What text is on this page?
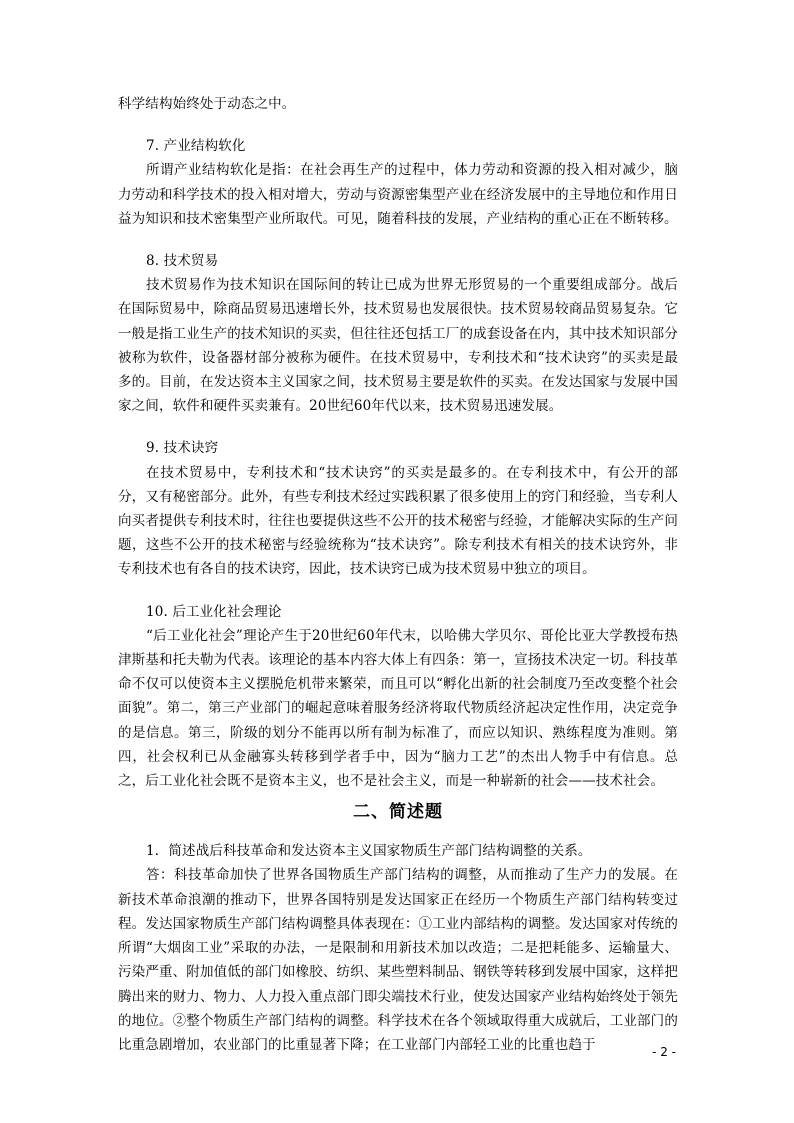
科学结构始终处于动态之中。

7. 产业结构软化

所谓产业结构软化是指：在社会再生产的过程中，体力劳动和资源的投入相对减少，脑力劳动和科学技术的投入相对增大，劳动与资源密集型产业在经济发展中的主导地位和作用日益为知识和技术密集型产业所取代。可见，随着科技的发展，产业结构的重心正在不断转移。

8. 技术贸易

技术贸易作为技术知识在国际间的转让已成为世界无形贸易的一个重要组成部分。战后在国际贸易中，除商品贸易迅速增长外，技术贸易也发展很快。技术贸易较商品贸易复杂。它一般是指工业生产的技术知识的买卖，但往往还包括工厂的成套设备在内，其中技术知识部分被称为软件，设备器材部分被称为硬件。在技术贸易中，专利技术和“技术诀窍”的买卖是最多的。目前，在发达资本主义国家之间，技术贸易主要是软件的买卖。在发达国家与发展中国家之间，软件和硬件买卖兼有。20世纪60年代以来，技术贸易迅速发展。

9. 技术诀窍

在技术贸易中，专利技术和“技术诀窍”的买卖是最多的。在专利技术中，有公开的部分，又有秘密部分。此外，有些专利技术经过实践积累了很多使用上的窍门和经验，当专利人向买者提供专利技术时，往往也要提供这些不公开的技术秘密与经验，才能解决实际的生产问题，这些不公开的技术秘密与经验统称为“技术诀窍”。除专利技术有相关的技术诀窍外，非专利技术也有各自的技术诀窍，因此，技术诀窍已成为技术贸易中独立的项目。

10. 后工业化社会理论

“后工业化社会”理论产生于20世纪60年代末，以哈佛大学贝尔、哥伦比亚大学教授布热津斯基和托夫勒为代表。该理论的基本内容大体上有四条：第一，宣扬技术决定一切。科技革命不仅可以使资本主义摆脱危机带来繁荣，而且可以“孵化出新的社会制度乃至改变整个社会面貌”。第二，第三产业部门的崛起意味着服务经济将取代物质经济起决定性作用，决定竞争的是信息。第三，阶级的划分不能再以所有制为标准了，而应以知识、熟练程度为准则。第四，社会权利已从金融寡头转移到学者手中，因为“脑力工艺”的杰出人物手中有信息。总之，后工业化社会既不是资本主义，也不是社会主义，而是一种崭新的社会——技术社会。

二、简述题

1．简述战后科技革命和发达资本主义国家物质生产部门结构调整的关系。

答：科技革命加快了世界各国物质生产部门结构的调整，从而推动了生产力的发展。在新技术革命浪潮的推动下，世界各国特别是发达国家正在经历一个物质生产部门结构转变过程。发达国家物质生产部门结构调整具体表现在：①工业内部结构的调整。发达国家对传统的所谓“大烟囱工业”采取的办法，一是限制和用新技术加以改造；二是把耗能多、运输量大、污染严重、附加值低的部门如橡胶、纺织、某些塑料制品、钢铁等转移到发展中国家，这样把腾出来的财力、物力、人力投入重点部门即尖端技术行业，使发达国家产业结构始终处于领先的地位。②整个物质生产部门结构的调整。科学技术在各个领域取得重大成就后，工业部门的比重急剧增加，农业部门的比重显著下降；在工业部门内部轻工业的比重也趋于	- 2 -
